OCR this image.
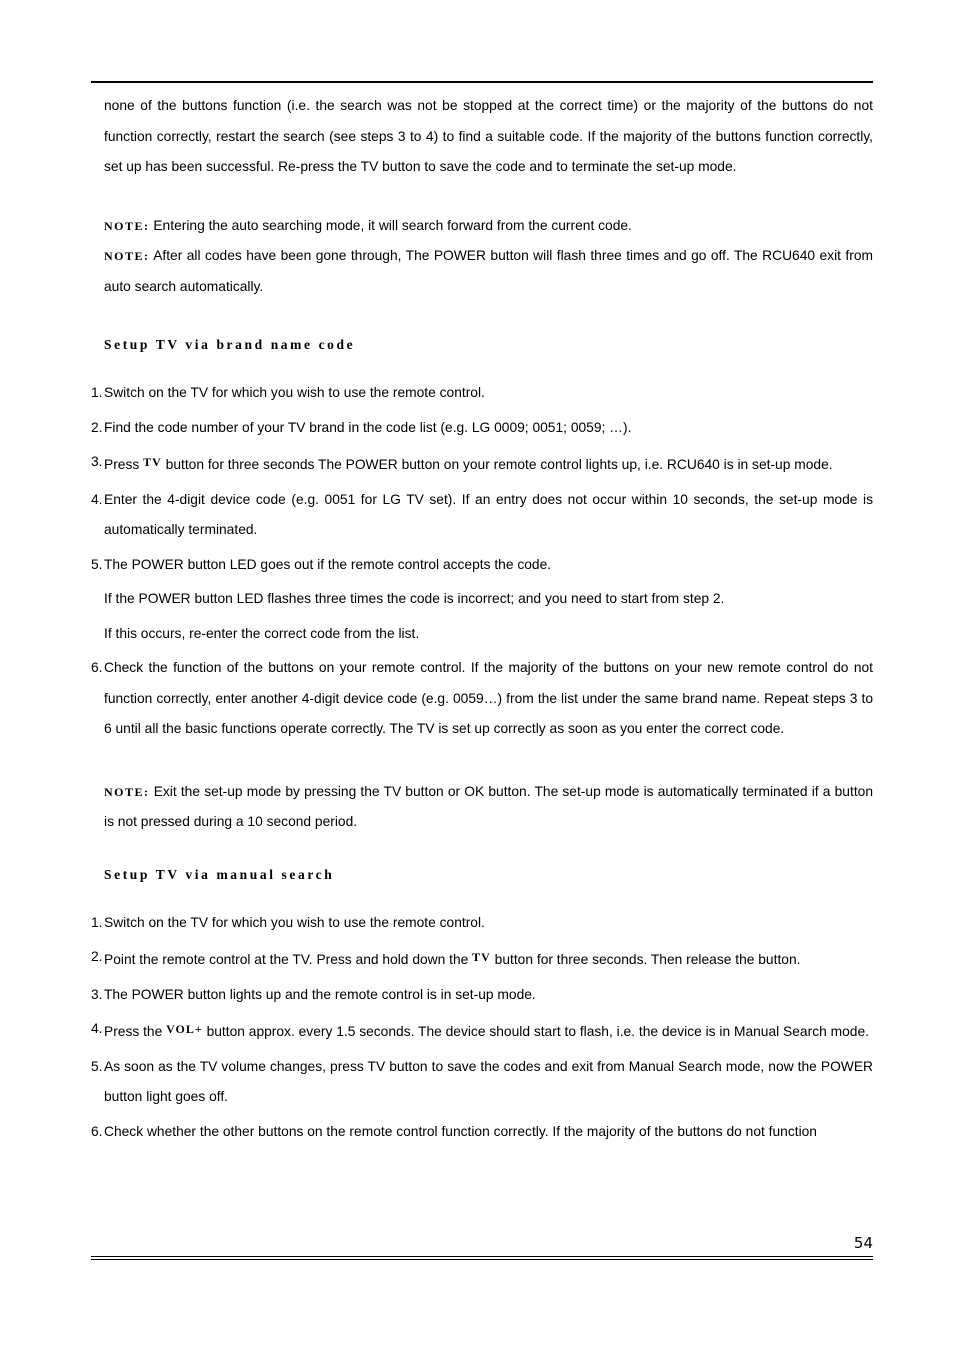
none of the buttons function (i.e. the search was not be stopped at the correct time) or the majority of the buttons do not function correctly, restart the search (see steps 3 to 4) to find a suitable code. If the majority of the buttons function correctly, set up has been successful. Re-press the TV button to save the code and to terminate the set-up mode.

NOTE: Entering the auto searching mode, it will search forward from the current code.

NOTE: After all codes have been gone through, The POWER button will flash three times and go off. The RCU640 exit from auto search automatically.

Setup TV via brand name code
1. Switch on the TV for which you wish to use the remote control.
2. Find the code number of your TV brand in the code list (e.g. LG 0009; 0051; 0059; …).
3. Press TV button for three seconds The POWER button on your remote control lights up, i.e. RCU640 is in set-up mode.
4. Enter the 4-digit device code (e.g. 0051 for LG TV set). If an entry does not occur within 10 seconds, the set-up mode is automatically terminated.
5. The POWER button LED goes out if the remote control accepts the code.

If the POWER button LED flashes three times the code is incorrect; and you need to start from step 2.

If this occurs, re-enter the correct code from the list.

6. Check the function of the buttons on your remote control. If the majority of the buttons on your new remote control do not function correctly, enter another 4-digit device code (e.g. 0059…) from the list under the same brand name. Repeat steps 3 to 6 until all the basic functions operate correctly. The TV is set up correctly as soon as you enter the correct code.

NOTE: Exit the set-up mode by pressing the TV button or OK button. The set-up mode is automatically terminated if a button is not pressed during a 10 second period.

Setup TV via manual search
1. Switch on the TV for which you wish to use the remote control.
2. Point the remote control at the TV. Press and hold down the TV button for three seconds. Then release the button.
3. The POWER button lights up and the remote control is in set-up mode.
4. Press the VOL+ button approx. every 1.5 seconds. The device should start to flash, i.e. the device is in Manual Search mode.
5. As soon as the TV volume changes, press TV button to save the codes and exit from Manual Search mode, now the POWER button light goes off.
6. Check whether the other buttons on the remote control function correctly. If the majority of the buttons do not function
54
